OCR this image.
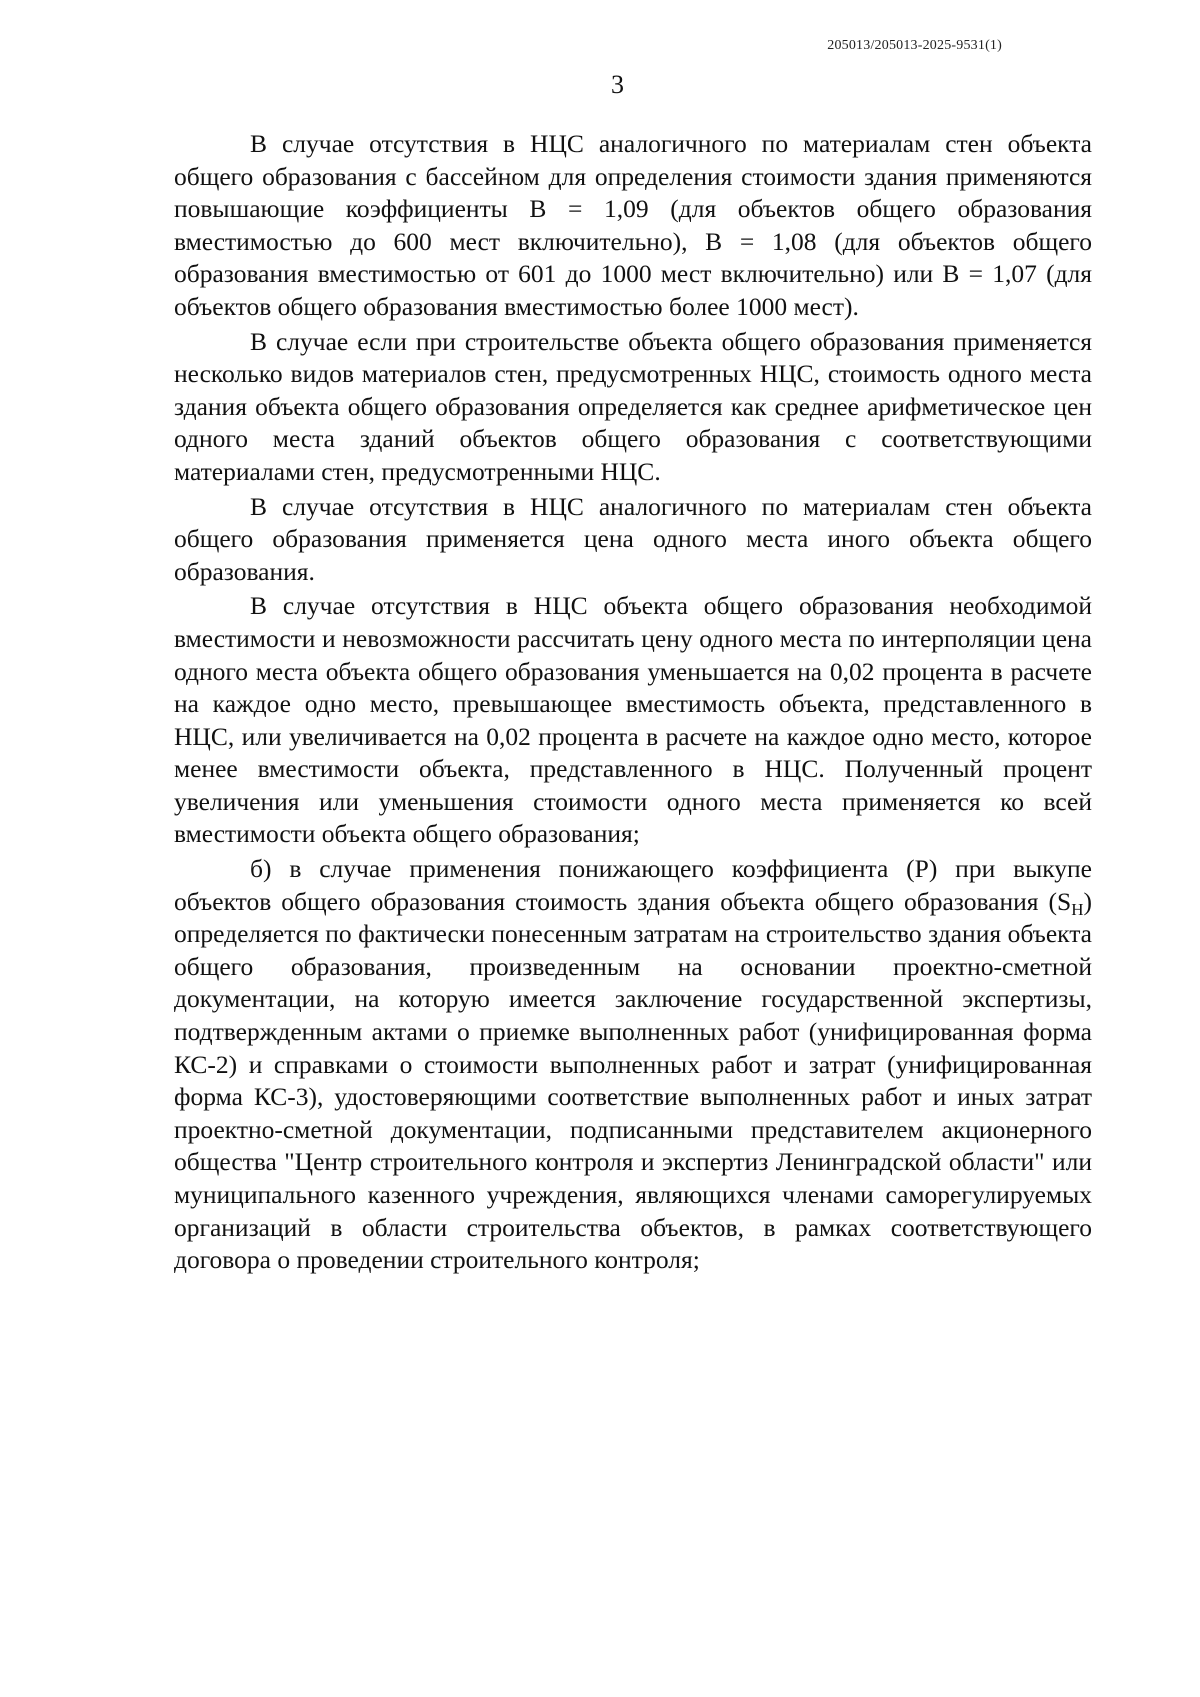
205013/205013-2025-9531(1)
3

В случае отсутствия в НЦС аналогичного по материалам стен объекта общего образования с бассейном для определения стоимости здания применяются повышающие коэффициенты В = 1,09 (для объектов общего образования вместимостью до 600 мест включительно), В = 1,08 (для объектов общего образования вместимостью от 601 до 1000 мест включительно) или В = 1,07 (для объектов общего образования вместимостью более 1000 мест).

В случае если при строительстве объекта общего образования применяется несколько видов материалов стен, предусмотренных НЦС, стоимость одного места здания объекта общего образования определяется как среднее арифметическое цен одного места зданий объектов общего образования с соответствующими материалами стен, предусмотренными НЦС.

В случае отсутствия в НЦС аналогичного по материалам стен объекта общего образования применяется цена одного места иного объекта общего образования.

В случае отсутствия в НЦС объекта общего образования необходимой вместимости и невозможности рассчитать цену одного места по интерполяции цена одного места объекта общего образования уменьшается на 0,02 процента в расчете на каждое одно место, превышающее вместимость объекта, представленного в НЦС, или увеличивается на 0,02 процента в расчете на каждое одно место, которое менее вместимости объекта, представленного в НЦС. Полученный процент увеличения или уменьшения стоимости одного места применяется ко всей вместимости объекта общего образования;

б) в случае применения понижающего коэффициента (Р) при выкупе объектов общего образования стоимость здания объекта общего образования $(S_H)$ определяется по фактически понесенным затратам на строительство здания объекта общего образования, произведенным на основании проектно-сметной документации, на которую имеется заключение государственной экспертизы, подтвержденным актами о приемке выполненных работ (унифицированная форма КС-2) и справками о стоимости выполненных работ и затрат (унифицированная форма КС-3), удостоверяющими соответствие выполненных работ и иных затрат проектно-сметной документации, подписанными представителем акционерного общества "Центр строительного контроля и экспертиз Ленинградской области" или муниципального казенного учреждения, являющихся членами саморегулируемых организаций в области строительства объектов, в рамках соответствующего договора о проведении строительного контроля;
